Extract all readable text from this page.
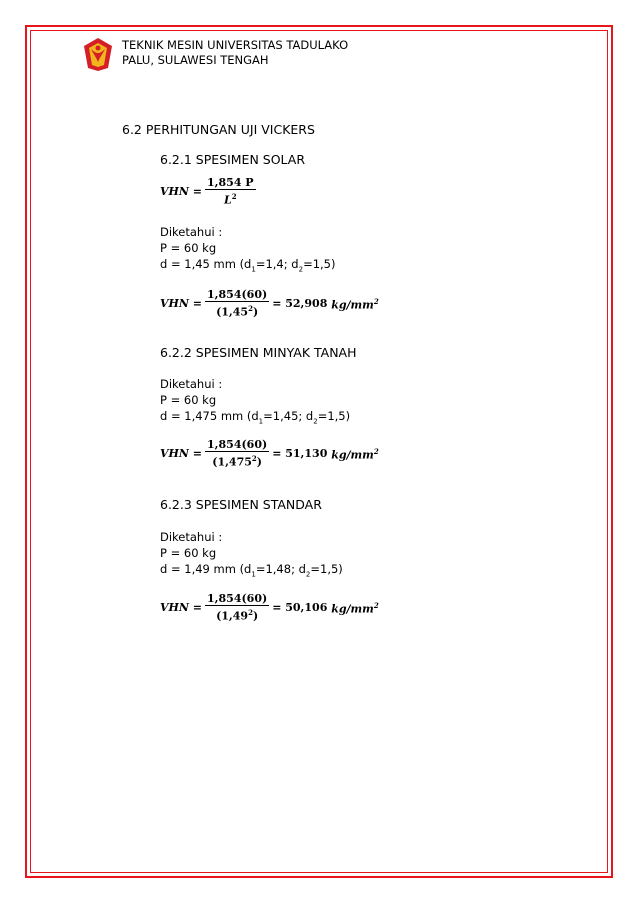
TEKNIK MESIN UNIVERSITAS TADULAKO
PALU, SULAWESI TENGAH
6.2 PERHITUNGAN UJI VICKERS
6.2.1 SPESIMEN SOLAR
VHN = $\frac{1,854 P}{L^2}$
Diketahui :
P = 60 kg
d = 1,45 mm ($d_1=1,4$; $d_2=1,5$)
VHN = $\frac{1,854(60)}{(1,45^2)} = 52,908$
$kg/mm^2$
6.2.2 SPESIMEN MINYAK TANAH
Diketahui :
P = 60 kg
d = 1,475 mm ($d_1=1,45$; $d_2=1,5$)
VHN = $\frac{1,854(60)}{(1,475^2)} = 51,130$
$kg/mm^2$
6.2.3 SPESIMEN STANDAR
Diketahui :
P = 60 kg
d = 1,49 mm ($d_1=1,48$; $d_2=1,5$)
VHN = $\frac{1,854(60)}{(1,49^2)} = 50,106$
$kg/mm^2$
